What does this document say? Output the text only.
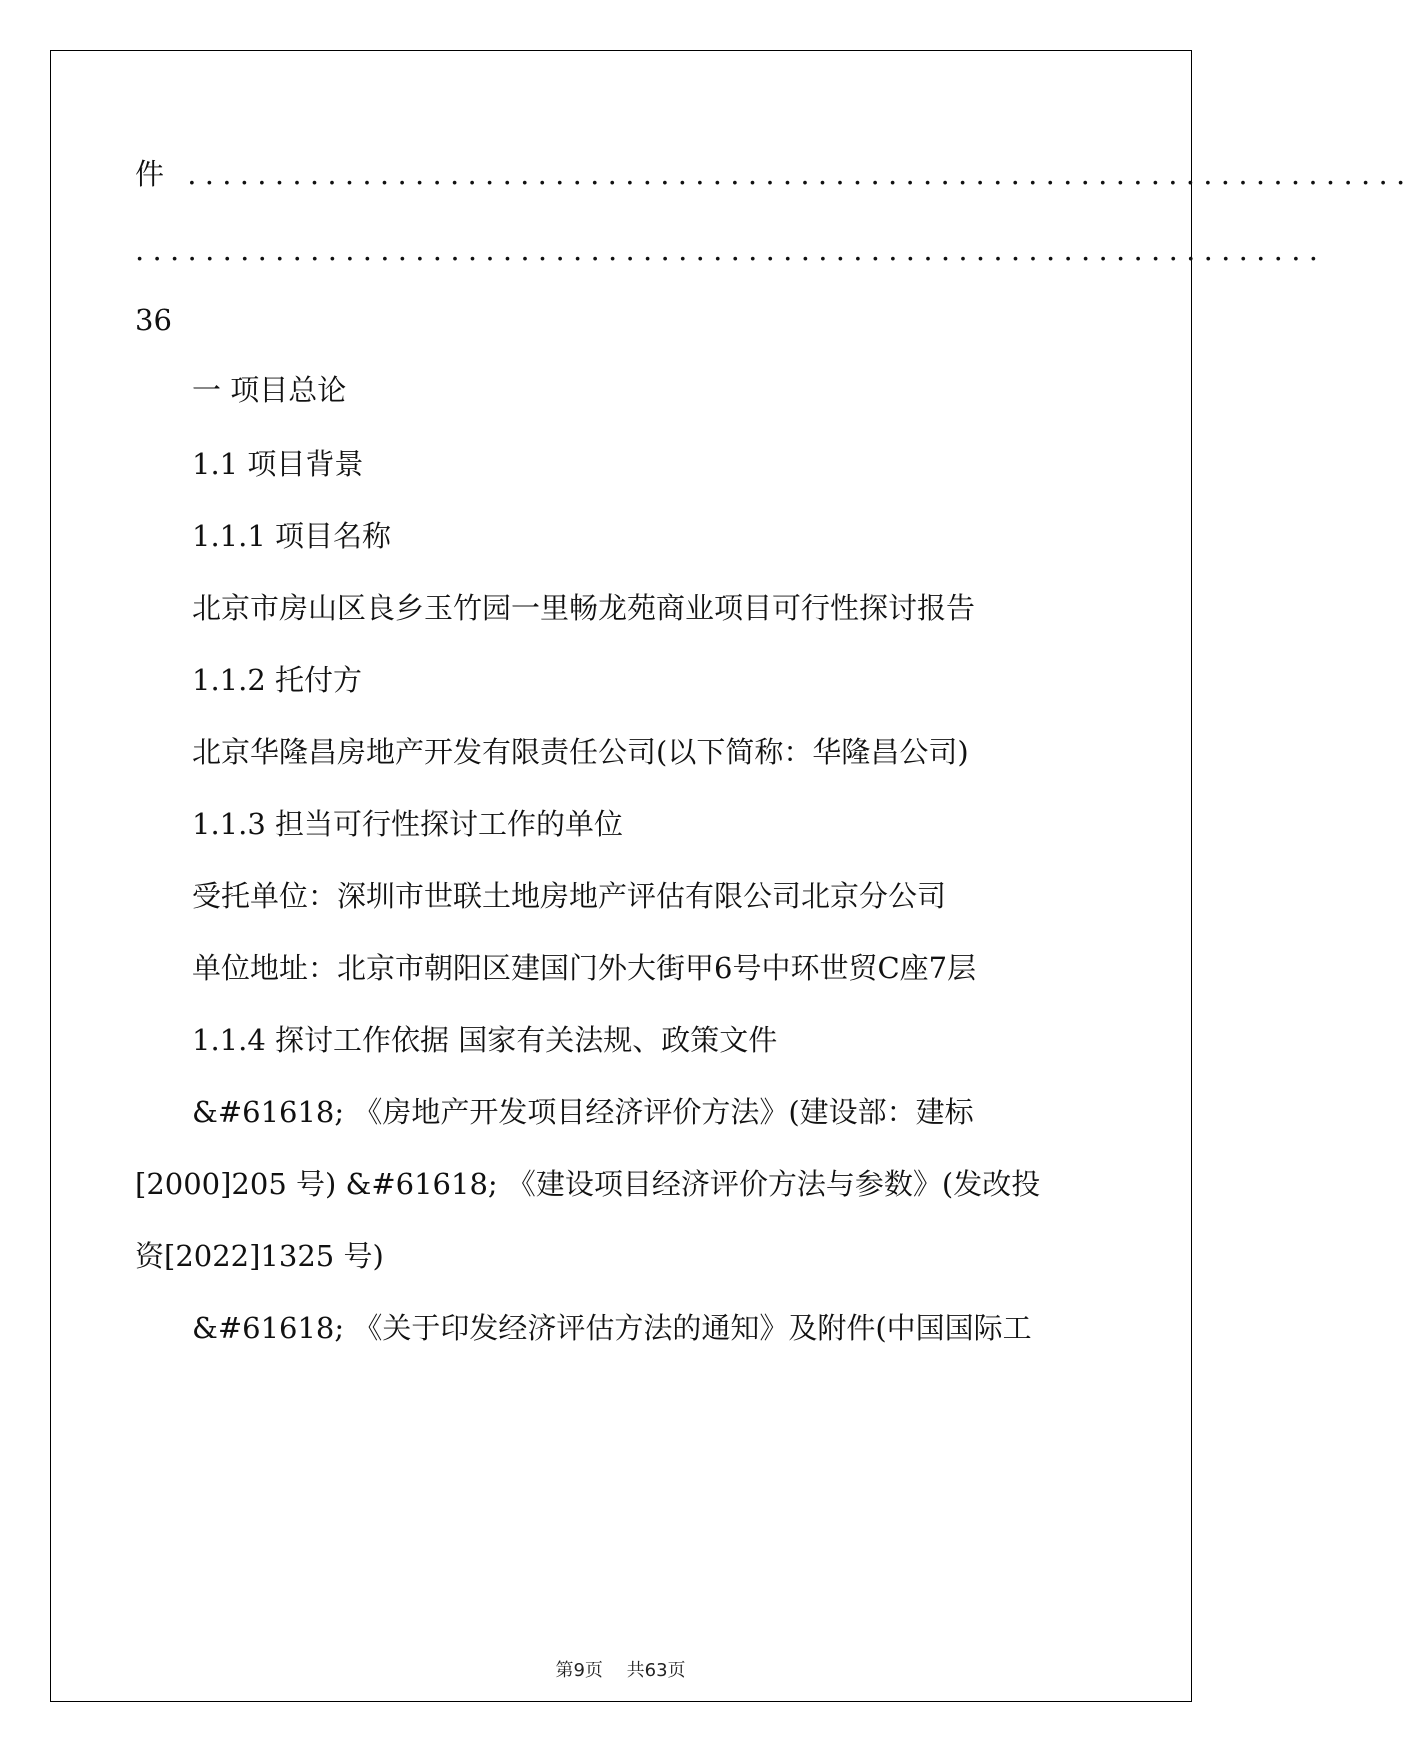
件 ......................................................................
....................................................................
36
一 项目总论
1.1 项目背景
1.1.1 项目名称
北京市房山区良乡玉竹园一里畅龙苑商业项目可行性探讨报告
1.1.2 托付方
北京华隆昌房地产开发有限责任公司(以下简称：华隆昌公司)
1.1.3 担当可行性探讨工作的单位
受托单位：深圳市世联土地房地产评估有限公司北京分公司
单位地址：北京市朝阳区建国门外大街甲6号中环世贸C座7层
1.1.4 探讨工作依据 国家有关法规、政策文件
&#61618; 《房地产开发项目经济评价方法》(建设部：建标
[2000]205 号) &#61618; 《建设项目经济评价方法与参数》(发改投
资[2022]1325 号)
&#61618; 《关于印发经济评估方法的通知》及附件(中国国际工
第9页 共63页
